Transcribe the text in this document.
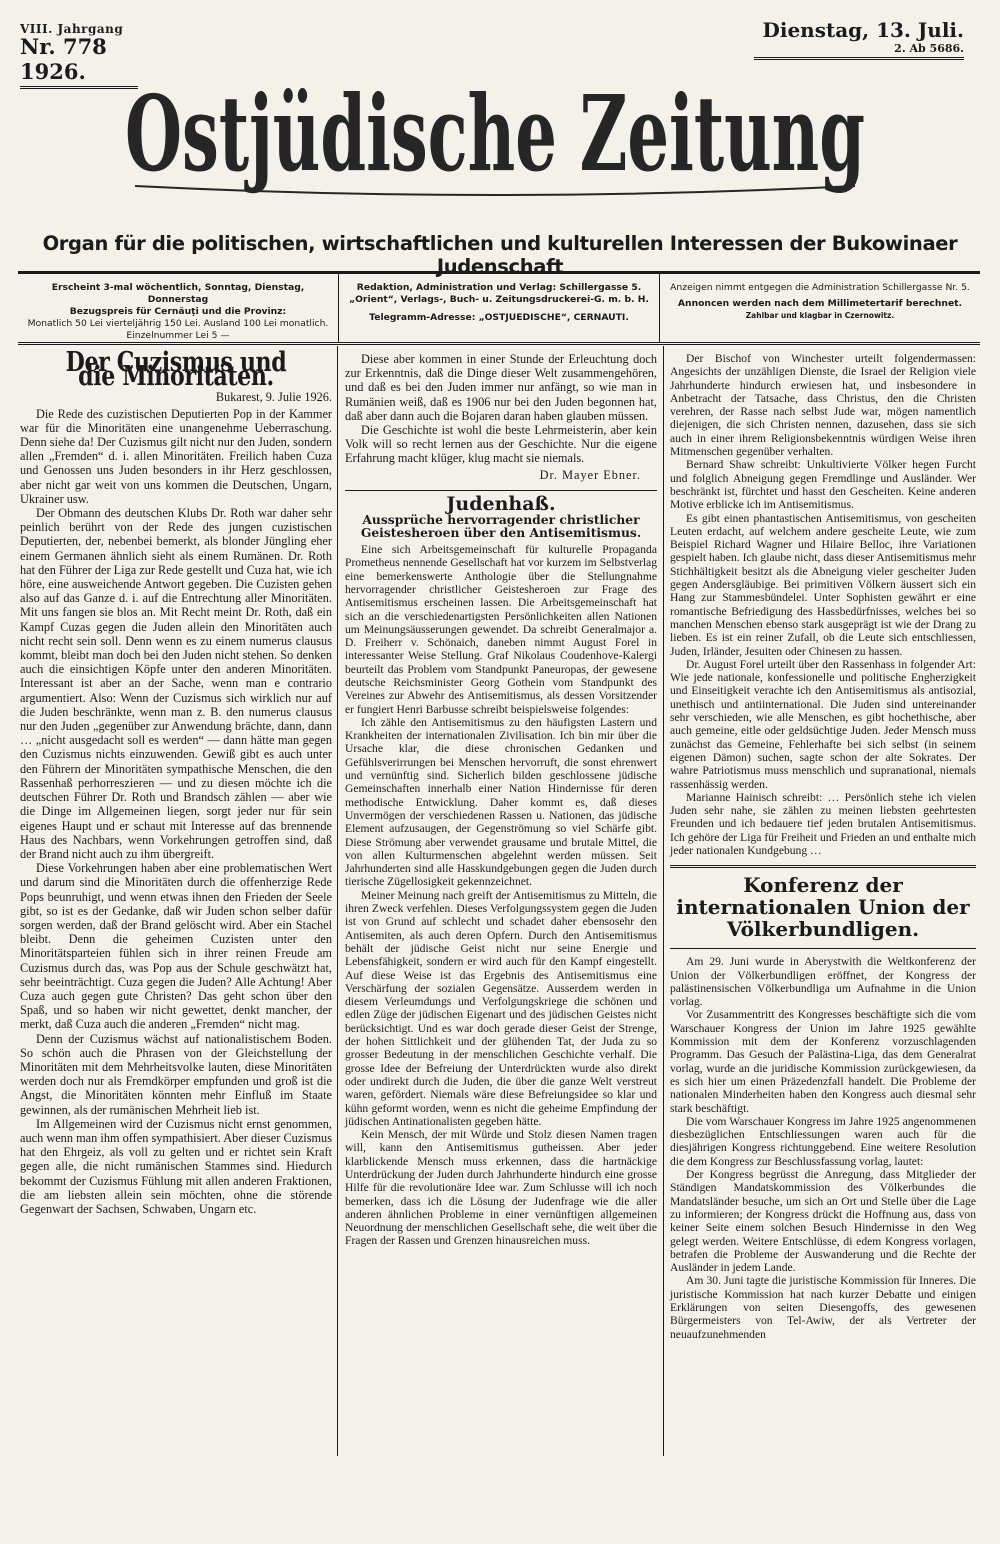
VIII. Jahrgang
Nr. 778 1926.
Dienstag, 13. Juli.
2. Ab 5686.
Ostjüdische Zeitung
Organ für die politischen, wirtschaftlichen und kulturellen Interessen der Bukowinaer Judenschaft
Erscheint 3-mal wöchentlich, Sonntag, Dienstag, Donnerstag
Bezugspreis für Cernăuţi und die Provinz:
Monatlich 50 Lei vierteljährig 150 Lei. Ausland 100 Lei monatlich.
Einzelnummer Lei 5 —
Redaktion, Administration und Verlag: Schillergasse 5.
„Orient“, Verlags-, Buch- u. Zeitungsdruckerei-G. m. b. H.
Telegramm-Adresse: „OSTJUEDISCHE“, CERNAUTI.
Anzeigen nimmt entgegen die Administration Schillergasse Nr. 5.
Annoncen werden nach dem Millimetertarif berechnet.
Zahlbar und klagbar in Czernowitz.
Der Cuzismus und die Minoritäten.
Bukarest, 9. Julie 1926.

Die Rede des cuzistischen Deputierten Pop in der Kammer war für die Minoritäten eine unangenehme Ueberraschung. Denn siehe da! Der Cuzismus gilt nicht nur den Juden, sondern allen „Fremden“ d. i. allen Minoritäten. Freilich haben Cuza und Genossen uns Juden besonders in ihr Herz geschlossen, aber nicht gar weit von uns kommen die Deutschen, Ungarn, Ukrainer usw.

Der Obmann des deutschen Klubs Dr. Roth war daher sehr peinlich berührt von der Rede des jungen cuzistischen Deputierten, der, nebenbei bemerkt, als blonder Jüngling eher einem Germanen ähnlich sieht als einem Rumänen. Dr. Roth hat den Führer der Liga zur Rede gestellt und Cuza hat, wie ich höre, eine ausweichende Antwort gegeben. Die Cuzisten gehen also auf das Ganze d. i. auf die Entrechtung aller Minoritäten. Mit uns fangen sie blos an. Mit Recht meint Dr. Roth, daß ein Kampf Cuzas gegen die Juden allein den Minoritäten auch nicht recht sein soll. Denn wenn es zu einem numerus clausus kommt, bleibt man doch bei den Juden nicht stehen. So denken auch die einsichtigen Köpfe unter den anderen Minoritäten. Interessant ist aber an der Sache, wenn man e contrario argumentiert. Also: Wenn der Cuzismus sich wirklich nur auf die Juden beschränkte, wenn man z. B. den numerus clausus nur den Juden „gegenüber zur Anwendung brächte, dann, dann … „nicht ausgedacht soll es werden“ — dann hätte man gegen den Cuzismus nichts einzuwenden. Gewiß gibt es auch unter den Führern der Minoritäten sympathische Menschen, die den Rassenhaß perhorreszieren — und zu diesen möchte ich die deutschen Führer Dr. Roth und Brandsch zählen — aber wie die Dinge im Allgemeinen liegen, sorgt jeder nur für sein eigenes Haupt und er schaut mit Interesse auf das brennende Haus des Nachbars, wenn Vorkehrungen getroffen sind, daß der Brand nicht auch zu ihm übergreift.

Diese Vorkehrungen haben aber eine problematischen Wert und darum sind die Minoritäten durch die offenherzige Rede Pops beunruhigt, und wenn etwas ihnen den Frieden der Seele gibt, so ist es der Gedanke, daß wir Juden schon selber dafür sorgen werden, daß der Brand gelöscht wird. Aber ein Stachel bleibt. Denn die geheimen Cuzisten unter den Minoritätsparteien fühlen sich in ihrer reinen Freude am Cuzismus durch das, was Pop aus der Schule geschwätzt hat, sehr beeinträchtigt. Cuza gegen die Juden? Alle Achtung! Aber Cuza auch gegen gute Christen? Das geht schon über den Spaß, und so haben wir nicht gewettet, denkt mancher, der merkt, daß Cuza auch die anderen „Fremden“ nicht mag.

Denn der Cuzismus wächst auf nationalistischem Boden. So schön auch die Phrasen von der Gleichstellung der Minoritäten mit dem Mehrheitsvolke lauten, diese Minoritäten werden doch nur als Fremdkörper empfunden und groß ist die Angst, die Minoritäten könnten mehr Einfluß im Staate gewinnen, als der rumänischen Mehrheit lieb ist.

Im Allgemeinen wird der Cuzismus nicht ernst genommen, auch wenn man ihm offen sympathisiert. Aber dieser Cuzismus hat den Ehrgeiz, als voll zu gelten und er richtet sein Kraft gegen alle, die nicht rumänischen Stammes sind. Hiedurch bekommt der Cuzismus Fühlung mit allen anderen Fraktionen, die am liebsten allein sein möchten, ohne die störende Gegenwart der Sachsen, Schwaben, Ungarn etc.

Diese aber kommen in einer Stunde der Erleuchtung doch zur Erkenntnis, daß die Dinge dieser Welt zusammengehören, und daß es bei den Juden immer nur anfängt, so wie man in Rumänien weiß, daß es 1906 nur bei den Juden begonnen hat, daß aber dann auch die Bojaren daran haben glauben müssen.

Die Geschichte ist wohl die beste Lehrmeisterin, aber kein Volk will so recht lernen aus der Geschichte. Nur die eigene Erfahrung macht klüger, klug macht sie niemals.

Dr. Mayer Ebner.
Judenhaß.
Aussprüche hervorragender christlicher Geistesheroen über den Antisemitismus.

Eine sich Arbeitsgemeinschaft für kulturelle Propaganda Prometheus nennende Gesellschaft hat vor kurzem im Selbstverlag eine bemerkenswerte Anthologie über die Stellungnahme hervorragender christlicher Geistesheroen zur Frage des Antisemitismus erscheinen lassen. Die Arbeitsgemeinschaft hat sich an die verschiedenartigsten Persönlichkeiten allen Nationen um Meinungsäusserungen gewendet. Da schreibt Generalmajor a. D. Freiherr v. Schönaich, daneben nimmt August Forel in interessanter Weise Stellung. Graf Nikolaus Coudenhove-Kalergi beurteilt das Problem vom Standpunkt Paneuropas, der gewesene deutsche Reichsminister Georg Gothein vom Standpunkt des Vereines zur Abwehr des Antisemitismus, als dessen Vorsitzender er fungiert Henri Barbusse schreibt beispielsweise folgendes:

Ich zähle den Antisemitismus zu den häufigsten Lastern und Krankheiten der internationalen Zivilisation. Ich bin mir über die Ursache klar, die diese chronischen Gedanken und Gefühlsverirrungen bei Menschen hervorruft, die sonst ehrenwert und vernünftig sind. Sicherlich bilden geschlossene jüdische Gemeinschaften innerhalb einer Nation Hindernisse für deren methodische Entwicklung. Daher kommt es, daß dieses Unvermögen der verschiedenen Rassen u. Nationen, das jüdische Element aufzusaugen, der Gegenströmung so viel Schärfe gibt. Diese Strömung aber verwendet grausame und brutale Mittel, die von allen Kulturmenschen abgelehnt werden müssen. Seit Jahrhunderten sind alle Hasskundgebungen gegen die Juden durch tierische Zügellosigkeit gekennzeichnet.

Meiner Meinung nach greift der Antisemitismus zu Mitteln, die ihren Zweck verfehlen. Dieses Verfolgungssystem gegen die Juden ist von Grund auf schlecht und schadet daher ebensosehr den Antisemiten, als auch deren Opfern. Durch den Antisemitismus behält der jüdische Geist nicht nur seine Energie und Lebensfähigkeit, sondern er wird auch für den Kampf eingestellt. Auf diese Weise ist das Ergebnis des Antisemitismus eine Verschärfung der sozialen Gegensätze. Ausserdem werden in diesem Verleumdungs und Verfolgungskriege die schönen und edlen Züge der jüdischen Eigenart und des jüdischen Geistes nicht berücksichtigt. Und es war doch gerade dieser Geist der Strenge, der hohen Sittlichkeit und der glühenden Tat, der Juda zu so grosser Bedeutung in der menschlichen Geschichte verhalf. Die grosse Idee der Befreiung der Unterdrückten wurde also direkt oder undirekt durch die Juden, die über die ganze Welt verstreut waren, gefördert. Niemals wäre diese Befreiungsidee so klar und kühn geformt worden, wenn es nicht die geheime Empfindung der jüdischen Antinationalisten gegeben hätte.

Kein Mensch, der mit Würde und Stolz diesen Namen tragen will, kann den Antisemitismus gutheissen. Aber jeder klarblickende Mensch muss erkennen, dass die hartnäckige Unterdrückung der Juden durch Jahrhunderte hindurch eine grosse Hilfe für die revolutionäre Idee war. Zum Schlusse will ich noch bemerken, dass ich die Lösung der Judenfrage wie die aller anderen ähnlichen Probleme in einer vernünftigen allgemeinen Neuordnung der menschlichen Gesellschaft sehe, die weit über die Fragen der Rassen und Grenzen hinausreichen muss.

Der Bischof von Winchester urteilt folgendermassen: Angesichts der unzähligen Dienste, die Israel der Religion viele Jahrhunderte hindurch erwiesen hat, und insbesondere in Anbetracht der Tatsache, dass Christus, den die Christen verehren, der Rasse nach selbst Jude war, mögen namentlich diejenigen, die sich Christen nennen, dazusehen, dass sie sich auch in einer ihrem Religionsbekenntnis würdigen Weise ihren Mitmenschen gegenüber verhalten.

Bernard Shaw schreibt: Unkultivierte Völker hegen Furcht und folglich Abneigung gegen Fremdlinge und Ausländer. Wer beschränkt ist, fürchtet und hasst den Gescheiten. Keine anderen Motive erblicke ich im Antisemitismus.

Es gibt einen phantastischen Antisemitismus, von gescheiten Leuten erdacht, auf welchem andere gescheite Leute, wie zum Beispiel Richard Wagner und Hilaire Belloc, ihre Variationen gespielt haben. Ich glaube nicht, dass dieser Antisemitismus mehr Stichhältigkeit besitzt als die Abneigung vieler gescheiter Juden gegen Andersgläubige. Bei primitiven Völkern äussert sich ein Hang zur Stammesbündelei. Unter Sophisten gewährt er eine romantische Befriedigung des Hassbedürfnisses, welches bei so manchen Menschen ebenso stark ausgeprägt ist wie der Drang zu lieben. Es ist ein reiner Zufall, ob die Leute sich entschliessen, Juden, Irländer, Jesuiten oder Chinesen zu hassen.

Dr. August Forel urteilt über den Rassenhass in folgender Art: Wie jede nationale, konfessionelle und politische Engherzigkeit und Einseitigkeit verachte ich den Antisemitismus als antisozial, unethisch und antiinternational. Die Juden sind untereinander sehr verschieden, wie alle Menschen, es gibt hochethische, aber auch gemeine, eitle oder geldsüchtige Juden. Jeder Mensch muss zunächst das Gemeine, Fehlerhafte bei sich selbst (in seinem eigenen Dämon) suchen, sagte schon der alte Sokrates. Der wahre Patriotismus muss menschlich und supranational, niemals rassenhässig werden.

Marianne Hainisch schreibt: … Persönlich stehe ich vielen Juden sehr nahe, sie zählen zu meinen liebsten geehrtesten Freunden und ich bedauere tief jeden brutalen Antisemitismus. Ich gehöre der Liga für Freiheit und Frieden an und enthalte mich jeder nationalen Kundgebung …

Konferenz der internationalen Union der Völkerbundligen.

Am 29. Juni wurde in Aberystwith die Weltkonferenz der Union der Völkerbundligen eröffnet, der Kongress der palästinensischen Völkerbundliga um Aufnahme in die Union vorlag.

Vor Zusammentritt des Kongresses beschäftigte sich die vom Warschauer Kongress der Union im Jahre 1925 gewählte Kommission mit dem der Konferenz vorzuschlagenden Programm. Das Gesuch der Palästina-Liga, das dem Generalrat vorlag, wurde an die juridische Kommission zurückgewiesen, da es sich hier um einen Präzedenzfall handelt. Die Probleme der nationalen Minderheiten haben den Kongress auch diesmal sehr stark beschäftigt.

Die vom Warschauer Kongress im Jahre 1925 angenommenen diesbezüglichen Entschliessungen waren auch für die diesjährigen Kongress richtunggebend. Eine weitere Resolution die dem Kongress zur Beschlussfassung vorlag, lautet:

Der Kongress begrüsst die Anregung, dass Mitglieder der Ständigen Mandatskommission des Völkerbundes die Mandatsländer besuche, um sich an Ort und Stelle über die Lage zu informieren; der Kongress drückt die Hoffnung aus, dass von keiner Seite einem solchen Besuch Hindernisse in den Weg gelegt werden. Weitere Entschlüsse, di edem Kongress vorlagen, betrafen die Probleme der Auswanderung und die Rechte der Ausländer in jedem Lande.

Am 30. Juni tagte die juristische Kommission für Inneres. Die juristische Kommission hat nach kurzer Debatte und einigen Erklärungen von seiten Diesengoffs, des gewesenen Bürgermeisters von Tel-Awiw, der als Vertreter der neuaufzunehmenden
